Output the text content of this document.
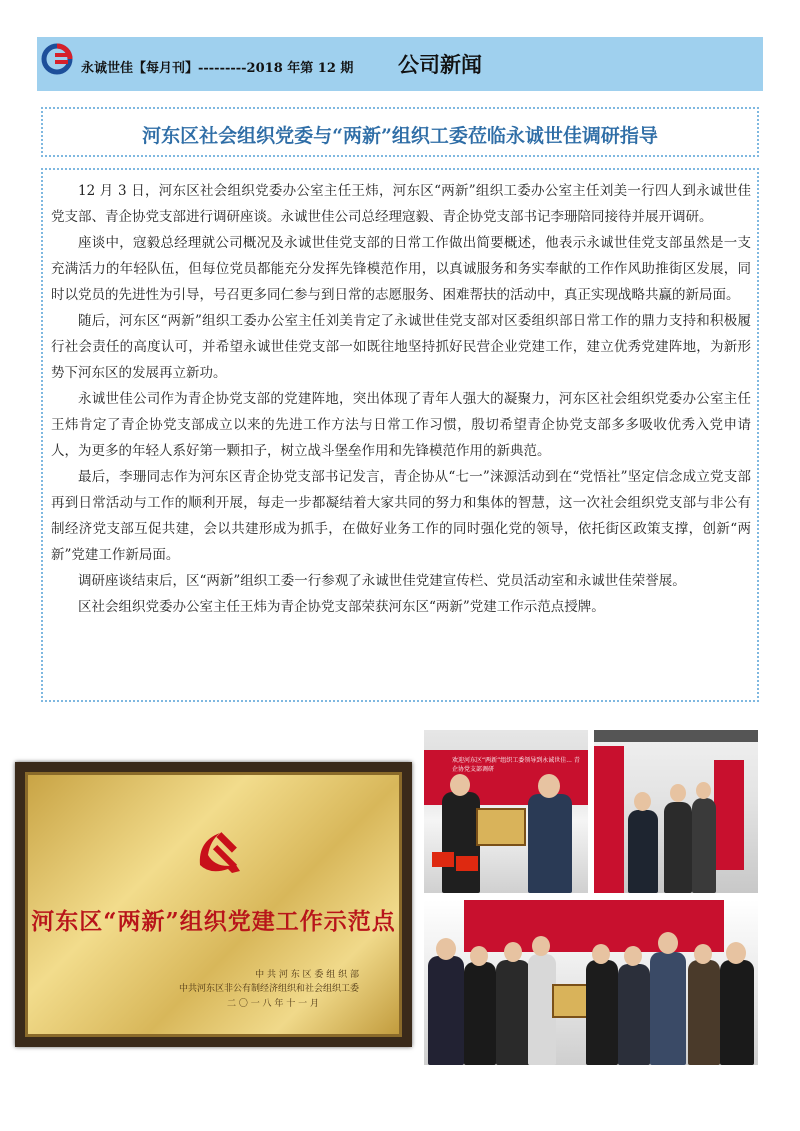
永诚世佳【每月刊】---------2018 年第 12 期 公司新闻
河东区社会组织党委与“两新”组织工委莅临永诚世佳调研指导

12 月 3 日，河东区社会组织党委办公室主任王炜，河东区“两新”组织工委办公室主任刘美一行四人到永诚世佳党支部、青企协党支部进行调研座谈。永诚世佳公司总经理寇毅、青企协党支部书记李珊陪同接待并展开调研。

座谈中，寇毅总经理就公司概况及永诚世佳党支部的日常工作做出简要概述，他表示永诚世佳党支部虽然是一支充满活力的年轻队伍，但每位党员都能充分发挥先锋模范作用，以真诚服务和务实奉献的工作作风助推街区发展，同时以党员的先进性为引导，号召更多同仁参与到日常的志愿服务、困难帮扶的活动中，真正实现战略共赢的新局面。

随后，河东区“两新”组织工委办公室主任刘美肯定了永诚世佳党支部对区委组织部日常工作的鼎力支持和积极履行社会责任的高度认可，并希望永诚世佳党支部一如既往地坚持抓好民营企业党建工作，建立优秀党建阵地，为新形势下河东区的发展再立新功。

永诚世佳公司作为青企协党支部的党建阵地，突出体现了青年人强大的凝聚力，河东区社会组织党委办公室主任王炜肯定了青企协党支部成立以来的先进工作方法与日常工作习惯，殷切希望青企协党支部多多吸收优秀入党申请人，为更多的年轻人系好第一颗扣子，树立战斗堡垒作用和先锋模范作用的新典范。

最后，李珊同志作为河东区青企协党支部书记发言，青企协从“七一”涞源活动到在“党悟社”坚定信念成立党支部再到日常活动与工作的顺利开展，每走一步都凝结着大家共同的努力和集体的智慧，这一次社会组织党支部与非公有制经济党支部互促共建，会以共建形成为抓手，在做好业务工作的同时强化党的领导，依托街区政策支撑，创新“两新”党建工作新局面。

调研座谈结束后，区“两新”组织工委一行参观了永诚世佳党建宣传栏、党员活动室和永诚世佳荣誉展。

区社会组织党委办公室主任王炜为青企协党支部荣获河东区“两新”党建工作示范点授牌。

河东区“两新”组织党建工作示范点
中 共 河 东 区 委 组 织 部
中共河东区非公有制经济组织和社会组织工委
二 〇 一 八 年 十 一 月
欢迎河东区“两新”组织工委领导到永诚世佳... 青企协党支部调研
